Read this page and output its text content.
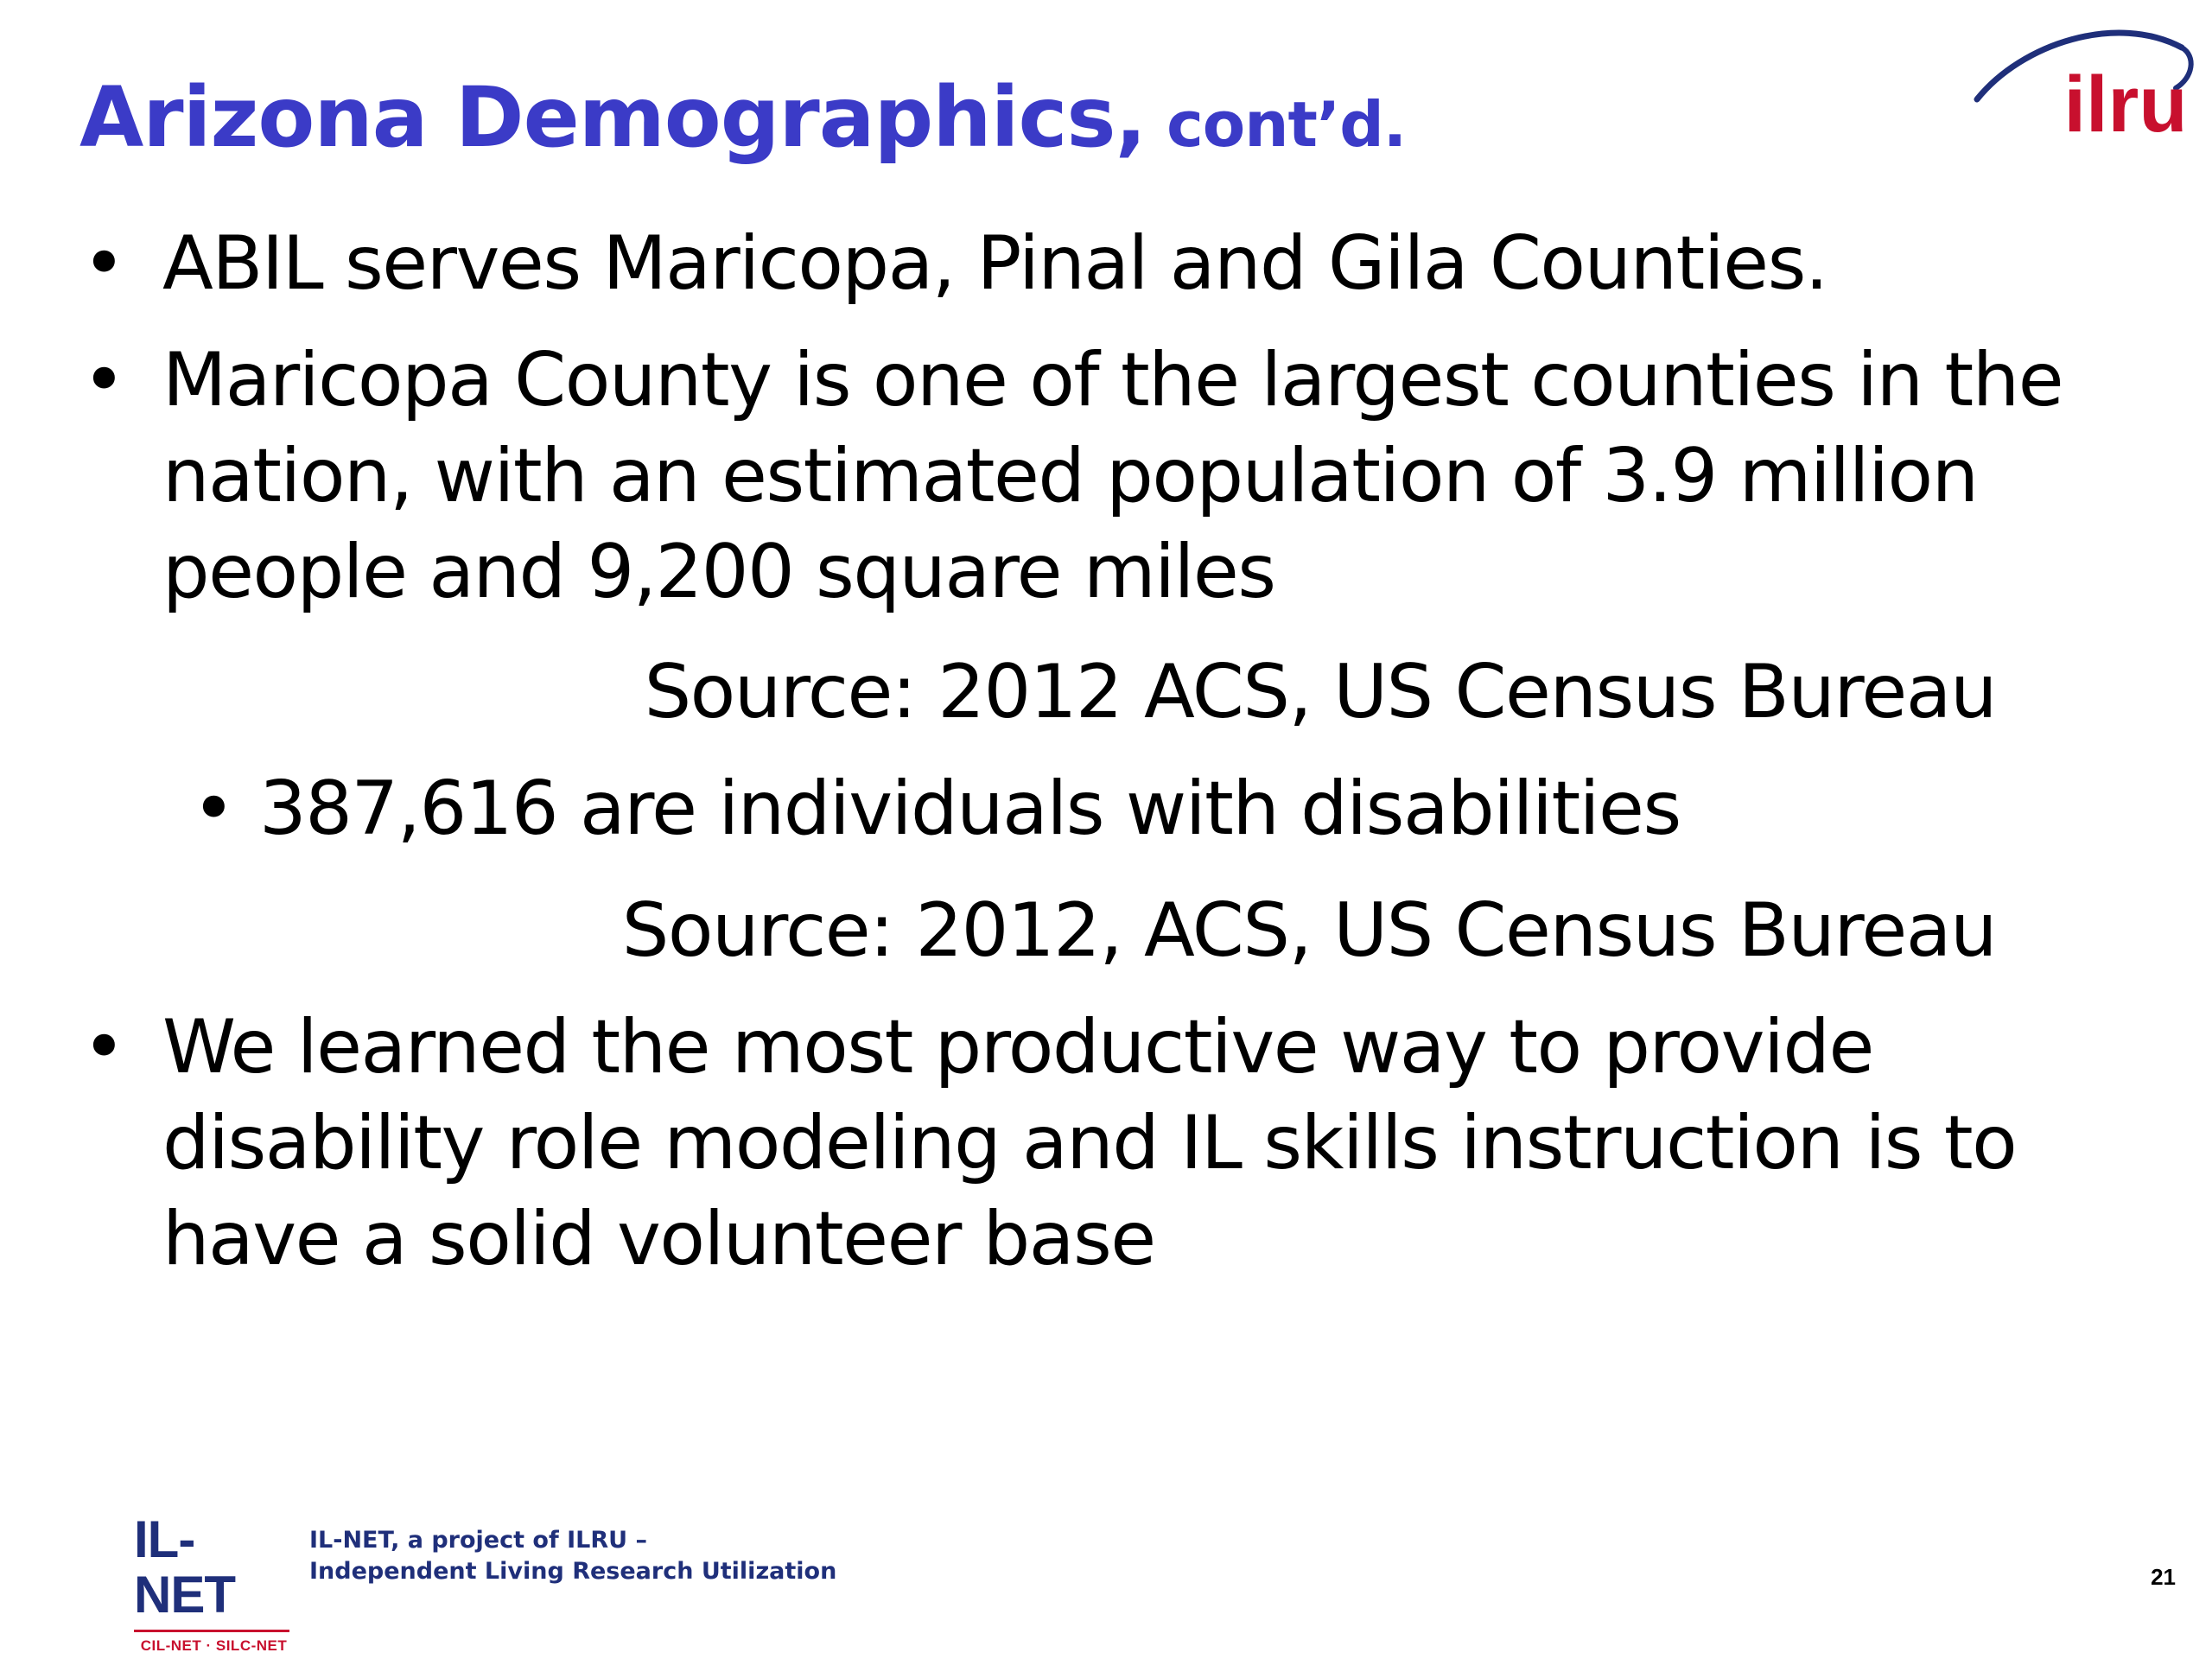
Arizona Demographics, cont’d.	ilru

• ABIL serves Maricopa, Pinal and Gila Counties.

• Maricopa County is one of the largest counties in the nation, with an estimated population of 3.9 million people and 9,200 square miles

Source: 2012 ACS, US Census Bureau

• 387,616 are individuals with disabilities

Source: 2012, ACS, US Census Bureau

• We learned the most productive way to provide disability role modeling and IL skills instruction is to have a solid volunteer base

IL-NET
CIL-NET · SILC-NET
IL-NET, a project of ILRU –
Independent Living Research Utilization	21
